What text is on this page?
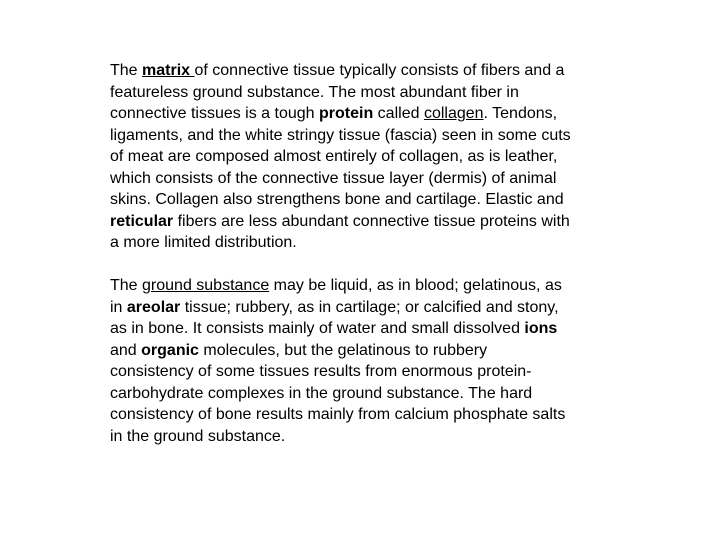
The matrix of connective tissue typically consists of fibers and a
featureless ground substance. The most abundant fiber in
connective tissues is a tough protein called collagen. Tendons,
ligaments, and the white stringy tissue (fascia) seen in some cuts
of meat are composed almost entirely of collagen, as is leather,
which consists of the connective tissue layer (dermis) of animal
skins. Collagen also strengthens bone and cartilage. Elastic and
reticular fibers are less abundant connective tissue proteins with
a more limited distribution.

The ground substance may be liquid, as in blood; gelatinous, as
in areolar tissue; rubbery, as in cartilage; or calcified and stony,
as in bone. It consists mainly of water and small dissolved ions
and organic molecules, but the gelatinous to rubbery
consistency of some tissues results from enormous protein-
carbohydrate complexes in the ground substance. The hard
consistency of bone results mainly from calcium phosphate salts
in the ground substance.
